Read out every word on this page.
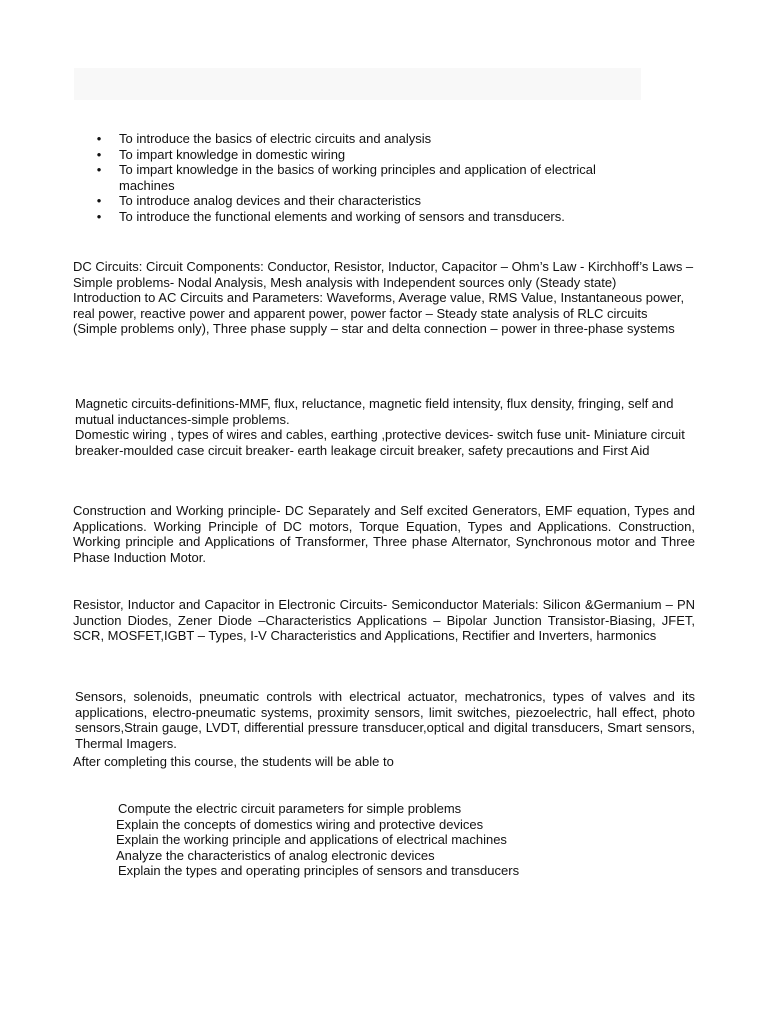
• To introduce the basics of electric circuits and analysis
• To impart knowledge in domestic wiring
• To impart knowledge in the basics of working principles and application of electrical machines
• To introduce analog devices and their characteristics
• To introduce the functional elements and working of sensors and transducers.

DC Circuits: Circuit Components: Conductor, Resistor, Inductor, Capacitor – Ohm’s Law - Kirchhoff’s Laws – Simple problems- Nodal Analysis, Mesh analysis with Independent sources only (Steady state)

Introduction to AC Circuits and Parameters: Waveforms, Average value, RMS Value, Instantaneous power, real power, reactive power and apparent power, power factor – Steady state analysis of RLC circuits (Simple problems only), Three phase supply – star and delta connection – power in three-phase systems

Magnetic circuits-definitions-MMF, flux, reluctance, magnetic field intensity, flux density, fringing, self and mutual inductances-simple problems.

Domestic wiring , types of wires and cables, earthing ,protective devices- switch fuse unit- Miniature circuit breaker-moulded case circuit breaker- earth leakage circuit breaker, safety precautions and First Aid

Construction and Working principle- DC Separately and Self excited Generators, EMF equation, Types and Applications. Working Principle of DC motors, Torque Equation, Types and Applications. Construction, Working principle and Applications of Transformer, Three phase Alternator, Synchronous motor and Three Phase Induction Motor.

Resistor, Inductor and Capacitor in Electronic Circuits- Semiconductor Materials: Silicon &Germanium – PN Junction Diodes, Zener Diode –Characteristics Applications – Bipolar Junction Transistor-Biasing, JFET, SCR, MOSFET,IGBT – Types, I-V Characteristics and Applications, Rectifier and Inverters, harmonics

Sensors, solenoids, pneumatic controls with electrical actuator, mechatronics, types of valves and its applications, electro-pneumatic systems, proximity sensors, limit switches, piezoelectric, hall effect, photo sensors,Strain gauge, LVDT, differential pressure transducer,optical and digital transducers, Smart sensors, Thermal Imagers.

After completing this course, the students will be able to

Compute the electric circuit parameters for simple problems
Explain the concepts of domestics wiring and protective devices
Explain the working principle and applications of electrical machines
Analyze the characteristics of analog electronic devices
Explain the types and operating principles of sensors and transducers
